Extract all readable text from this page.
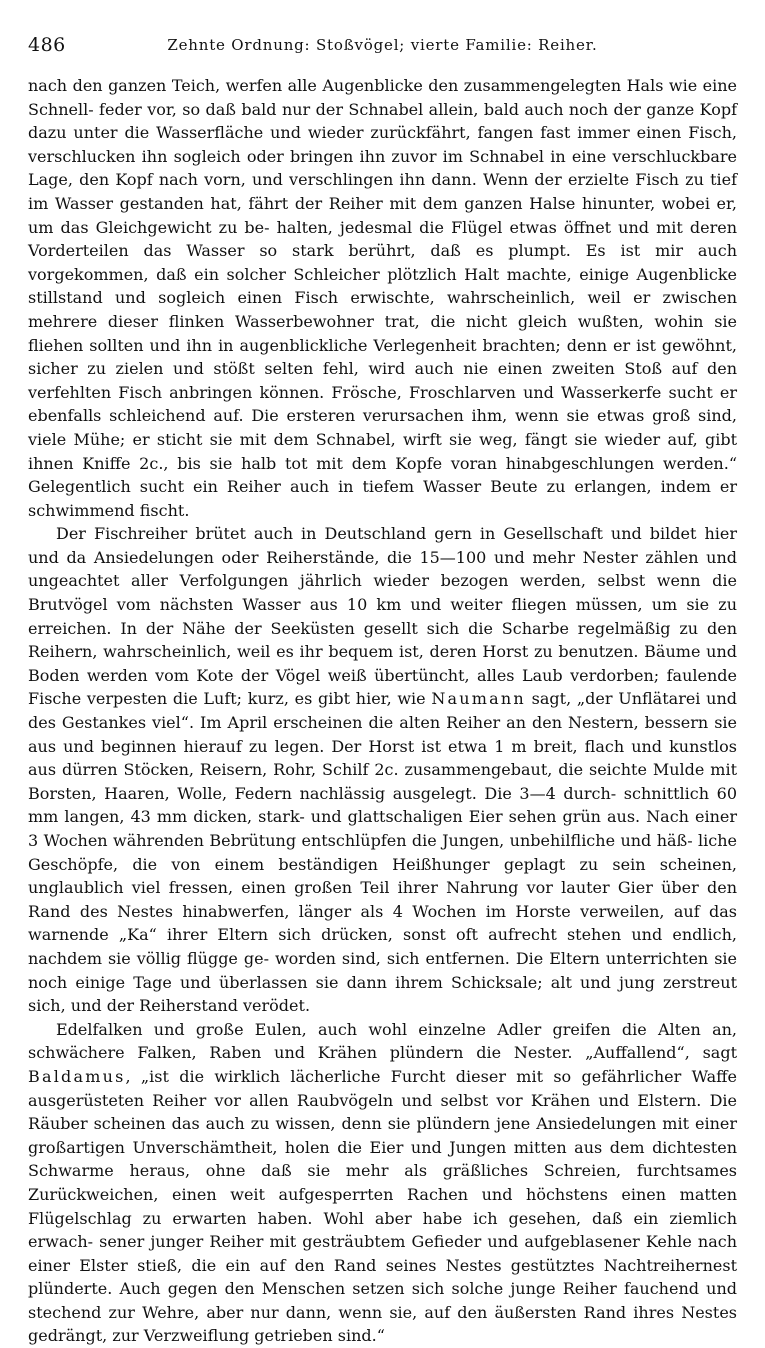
486	Zehnte Ordnung: Stoßvögel; vierte Familie: Reiher.

nach den ganzen Teich, werfen alle Augenblicke den zusammengelegten Hals wie eine Schnell- feder vor, so daß bald nur der Schnabel allein, bald auch noch der ganze Kopf dazu unter die Wasserfläche und wieder zurückfährt, fangen fast immer einen Fisch, verschlucken ihn sogleich oder bringen ihn zuvor im Schnabel in eine verschluckbare Lage, den Kopf nach vorn, und verschlingen ihn dann. Wenn der erzielte Fisch zu tief im Wasser gestanden hat, fährt der Reiher mit dem ganzen Halse hinunter, wobei er, um das Gleichgewicht zu be- halten, jedesmal die Flügel etwas öffnet und mit deren Vorderteilen das Wasser so stark berührt, daß es plumpt. Es ist mir auch vorgekommen, daß ein solcher Schleicher plötzlich Halt machte, einige Augenblicke stillstand und sogleich einen Fisch erwischte, wahrscheinlich, weil er zwischen mehrere dieser flinken Wasserbewohner trat, die nicht gleich wußten, wohin sie fliehen sollten und ihn in augenblickliche Verlegenheit brachten; denn er ist gewöhnt, sicher zu zielen und stößt selten fehl, wird auch nie einen zweiten Stoß auf den verfehlten Fisch anbringen können. Frösche, Froschlarven und Wasserkerfe sucht er ebenfalls schleichend auf. Die ersteren verursachen ihm, wenn sie etwas groß sind, viele Mühe; er sticht sie mit dem Schnabel, wirft sie weg, fängt sie wieder auf, gibt ihnen Kniffe 2c., bis sie halb tot mit dem Kopfe voran hinabgeschlungen werden.“ Gelegentlich sucht ein Reiher auch in tiefem Wasser Beute zu erlangen, indem er schwimmend fischt.

Der Fischreiher brütet auch in Deutschland gern in Gesellschaft und bildet hier und da Ansiedelungen oder Reiherstände, die 15—100 und mehr Nester zählen und ungeachtet aller Verfolgungen jährlich wieder bezogen werden, selbst wenn die Brutvögel vom nächsten Wasser aus 10 km und weiter fliegen müssen, um sie zu erreichen. In der Nähe der Seeküsten gesellt sich die Scharbe regelmäßig zu den Reihern, wahrscheinlich, weil es ihr bequem ist, deren Horst zu benutzen. Bäume und Boden werden vom Kote der Vögel weiß übertüncht, alles Laub verdorben; faulende Fische verpesten die Luft; kurz, es gibt hier, wie Naumann sagt, „der Unflätarei und des Gestankes viel“. Im April erscheinen die alten Reiher an den Nestern, bessern sie aus und beginnen hierauf zu legen. Der Horst ist etwa 1 m breit, flach und kunstlos aus dürren Stöcken, Reisern, Rohr, Schilf 2c. zusammengebaut, die seichte Mulde mit Borsten, Haaren, Wolle, Federn nachlässig ausgelegt. Die 3—4 durch- schnittlich 60 mm langen, 43 mm dicken, stark- und glattschaligen Eier sehen grün aus. Nach einer 3 Wochen währenden Bebrütung entschlüpfen die Jungen, unbehilfliche und häß- liche Geschöpfe, die von einem beständigen Heißhunger geplagt zu sein scheinen, unglaublich viel fressen, einen großen Teil ihrer Nahrung vor lauter Gier über den Rand des Nestes hinabwerfen, länger als 4 Wochen im Horste verweilen, auf das warnende „Ka“ ihrer Eltern sich drücken, sonst oft aufrecht stehen und endlich, nachdem sie völlig flügge ge- worden sind, sich entfernen. Die Eltern unterrichten sie noch einige Tage und überlassen sie dann ihrem Schicksale; alt und jung zerstreut sich, und der Reiherstand verödet.

Edelfalken und große Eulen, auch wohl einzelne Adler greifen die Alten an, schwächere Falken, Raben und Krähen plündern die Nester. „Auffallend“, sagt Baldamus, „ist die wirklich lächerliche Furcht dieser mit so gefährlicher Waffe ausgerüsteten Reiher vor allen Raubvögeln und selbst vor Krähen und Elstern. Die Räuber scheinen das auch zu wissen, denn sie plündern jene Ansiedelungen mit einer großartigen Unverschämtheit, holen die Eier und Jungen mitten aus dem dichtesten Schwarme heraus, ohne daß sie mehr als gräßliches Schreien, furchtsames Zurückweichen, einen weit aufgesperrten Rachen und höchstens einen matten Flügelschlag zu erwarten haben. Wohl aber habe ich gesehen, daß ein ziemlich erwach- sener junger Reiher mit gesträubtem Gefieder und aufgeblasener Kehle nach einer Elster stieß, die ein auf den Rand seines Nestes gestütztes Nachtreihernest plünderte. Auch gegen den Menschen setzen sich solche junge Reiher fauchend und stechend zur Wehre, aber nur dann, wenn sie, auf den äußersten Rand ihres Nestes gedrängt, zur Verzweiflung getrieben sind.“
